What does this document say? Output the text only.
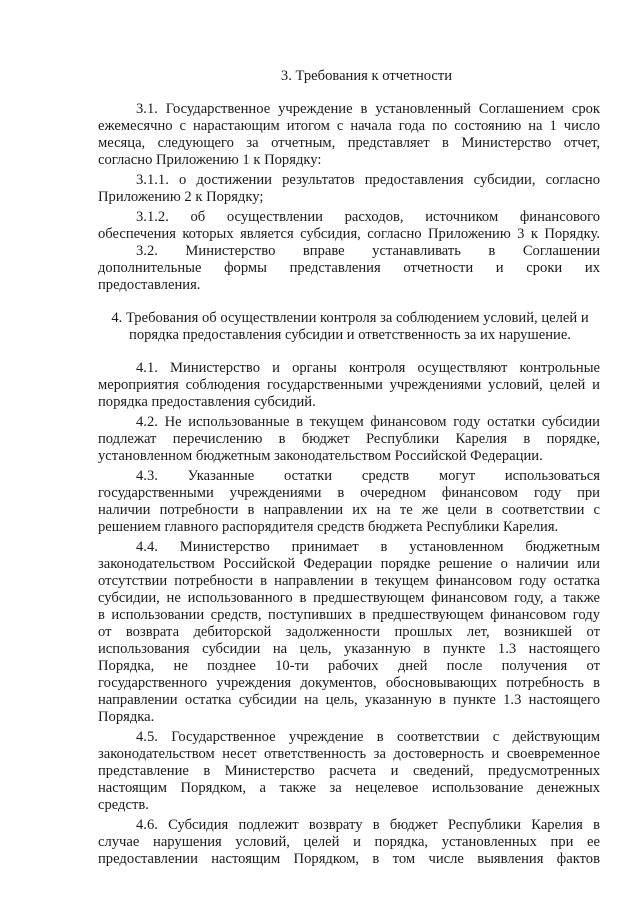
3. Требования к отчетности
3.1. Государственное учреждение в установленный Соглашением срок
ежемесячно с нарастающим итогом с начала года по состоянию на 1 число
месяца, следующего за отчетным, представляет в Министерство отчет,
согласно Приложению 1 к Порядку:
3.1.1. о достижении результатов предоставления субсидии, согласно
Приложению 2 к Порядку;
3.1.2. об осуществлении расходов, источником финансового
обеспечения которых является субсидия, согласно Приложению 3 к Порядку.
3.2. Министерство вправе устанавливать в Соглашении
дополнительные формы представления отчетности и сроки их
предоставления.
4. Требования об осуществлении контроля за соблюдением условий, целей и
порядка предоставления субсидии и ответственность за их нарушение.
4.1. Министерство и органы контроля осуществляют контрольные
мероприятия соблюдения государственными учреждениями условий, целей и
порядка предоставления субсидий.
4.2. Не использованные в текущем финансовом году остатки субсидии
подлежат перечислению в бюджет Республики Карелия в порядке,
установленном бюджетным законодательством Российской Федерации.
4.3. Указанные остатки средств могут использоваться
государственными учреждениями в очередном финансовом году при
наличии потребности в направлении их на те же цели в соответствии с
решением главного распорядителя средств бюджета Республики Карелия.
4.4. Министерство принимает в установленном бюджетным
законодательством Российской Федерации порядке решение о наличии или
отсутствии потребности в направлении в текущем финансовом году остатка
субсидии, не использованного в предшествующем финансовом году, а также
в использовании средств, поступивших в предшествующем финансовом году
от возврата дебиторской задолженности прошлых лет, возникшей от
использования субсидии на цель, указанную в пункте 1.3 настоящего
Порядка, не позднее 10-ти рабочих дней после получения от
государственного учреждения документов, обосновывающих потребность в
направлении остатка субсидии на цель, указанную в пункте 1.3 настоящего
Порядка.
4.5. Государственное учреждение в соответствии с действующим
законодательством несет ответственность за достоверность и своевременное
представление в Министерство расчета и сведений, предусмотренных
настоящим Порядком, а также за нецелевое использование денежных
средств.
4.6. Субсидия подлежит возврату в бюджет Республики Карелия в
случае нарушения условий, целей и порядка, установленных при ее
предоставлении настоящим Порядком, в том числе выявления фактов
